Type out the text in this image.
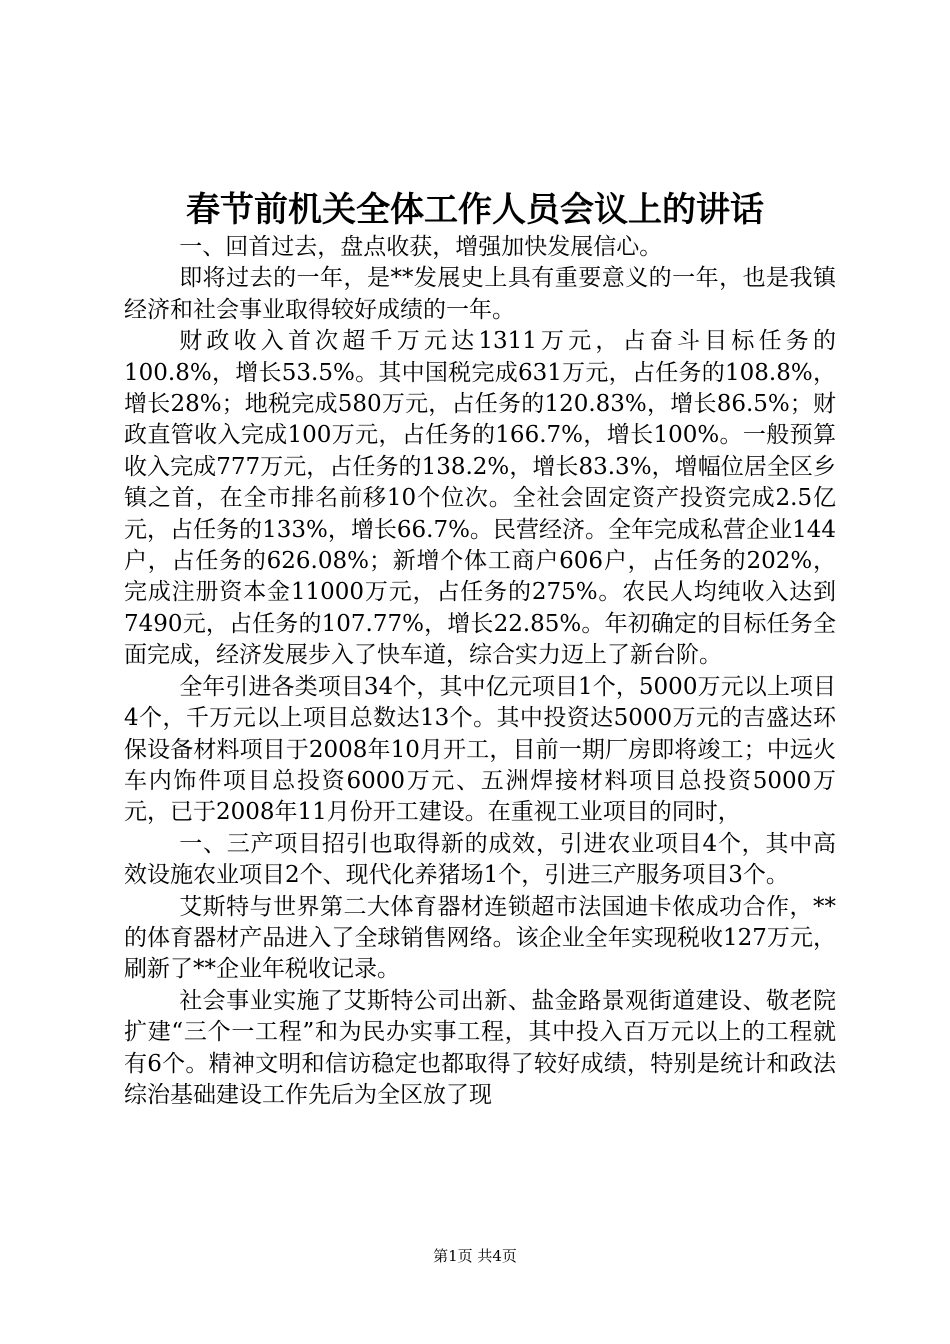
春节前机关全体工作人员会议上的讲话

一、回首过去，盘点收获，增强加快发展信心。

即将过去的一年，是**发展史上具有重要意义的一年，也是我镇经济和社会事业取得较好成绩的一年。

财政收入首次超千万元达1311万元，占奋斗目标任务的100.8%，增长53.5%。其中国税完成631万元，占任务的108.8%，增长28%；地税完成580万元，占任务的120.83%，增长86.5%；财政直管收入完成100万元，占任务的166.7%，增长100%。一般预算收入完成777万元，占任务的138.2%，增长83.3%，增幅位居全区乡镇之首，在全市排名前移10个位次。全社会固定资产投资完成2.5亿元，占任务的133%，增长66.7%。民营经济。全年完成私营企业144户，占任务的626.08%；新增个体工商户606户，占任务的202%，完成注册资本金11000万元，占任务的275%。农民人均纯收入达到7490元，占任务的107.77%，增长22.85%。年初确定的目标任务全面完成，经济发展步入了快车道，综合实力迈上了新台阶。

全年引进各类项目34个，其中亿元项目1个，5000万元以上项目4个，千万元以上项目总数达13个。其中投资达5000万元的吉盛达环保设备材料项目于2008年10月开工，目前一期厂房即将竣工；中远火车内饰件项目总投资6000万元、五洲焊接材料项目总投资5000万元，已于2008年11月份开工建设。在重视工业项目的同时，

一、三产项目招引也取得新的成效，引进农业项目4个，其中高效设施农业项目2个、现代化养猪场1个，引进三产服务项目3个。

艾斯特与世界第二大体育器材连锁超市法国迪卡侬成功合作，**的体育器材产品进入了全球销售网络。该企业全年实现税收127万元，刷新了**企业年税收记录。

社会事业实施了艾斯特公司出新、盐金路景观街道建设、敬老院扩建“三个一工程”和为民办实事工程，其中投入百万元以上的工程就有6个。精神文明和信访稳定也都取得了较好成绩，特别是统计和政法综治基础建设工作先后为全区放了现

第1页 共4页
